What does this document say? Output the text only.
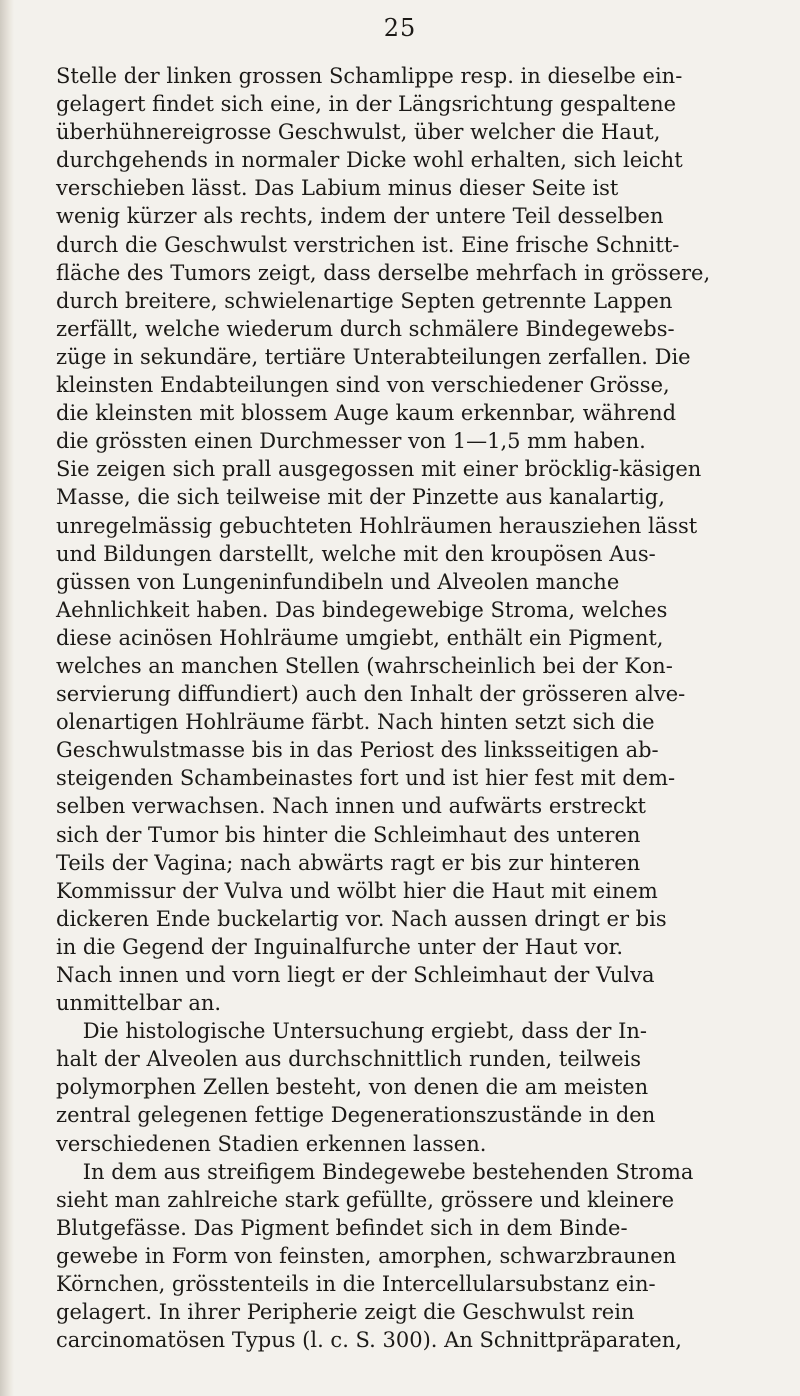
25
Stelle der linken grossen Schamlippe resp. in dieselbe ein-
gelagert findet sich eine, in der Längsrichtung gespaltene
überhühnereigrosse Geschwulst, über welcher die Haut,
durchgehends in normaler Dicke wohl erhalten, sich leicht
verschieben lässt. Das Labium minus dieser Seite ist
wenig kürzer als rechts, indem der untere Teil desselben
durch die Geschwulst verstrichen ist. Eine frische Schnitt-
fläche des Tumors zeigt, dass derselbe mehrfach in grössere,
durch breitere, schwielenartige Septen getrennte Lappen
zerfällt, welche wiederum durch schmälere Bindegewebs-
züge in sekundäre, tertiäre Unterabteilungen zerfallen. Die
kleinsten Endabteilungen sind von verschiedener Grösse,
die kleinsten mit blossem Auge kaum erkennbar, während
die grössten einen Durchmesser von 1—1,5 mm haben.
Sie zeigen sich prall ausgegossen mit einer bröcklig-käsigen
Masse, die sich teilweise mit der Pinzette aus kanalartig,
unregelmässig gebuchteten Hohlräumen herausziehen lässt
und Bildungen darstellt, welche mit den kroupösen Aus-
güssen von Lungeninfundibeln und Alveolen manche
Aehnlichkeit haben. Das bindegewebige Stroma, welches
diese acinösen Hohlräume umgiebt, enthält ein Pigment,
welches an manchen Stellen (wahrscheinlich bei der Kon-
servierung diffundiert) auch den Inhalt der grösseren alve-
olenartigen Hohlräume färbt. Nach hinten setzt sich die
Geschwulstmasse bis in das Periost des linksseitigen ab-
steigenden Schambeinastes fort und ist hier fest mit dem-
selben verwachsen. Nach innen und aufwärts erstreckt
sich der Tumor bis hinter die Schleimhaut des unteren
Teils der Vagina; nach abwärts ragt er bis zur hinteren
Kommissur der Vulva und wölbt hier die Haut mit einem
dickeren Ende buckelartig vor. Nach aussen dringt er bis
in die Gegend der Inguinalfurche unter der Haut vor.
Nach innen und vorn liegt er der Schleimhaut der Vulva
unmittelbar an.
Die histologische Untersuchung ergiebt, dass der In-
halt der Alveolen aus durchschnittlich runden, teilweis
polymorphen Zellen besteht, von denen die am meisten
zentral gelegenen fettige Degenerationszustände in den
verschiedenen Stadien erkennen lassen.
In dem aus streifigem Bindegewebe bestehenden Stroma
sieht man zahlreiche stark gefüllte, grössere und kleinere
Blutgefässe. Das Pigment befindet sich in dem Binde-
gewebe in Form von feinsten, amorphen, schwarzbraunen
Körnchen, grösstenteils in die Intercellularsubstanz ein-
gelagert. In ihrer Peripherie zeigt die Geschwulst rein
carcinomatösen Typus (l. c. S. 300). An Schnittpräparaten,
